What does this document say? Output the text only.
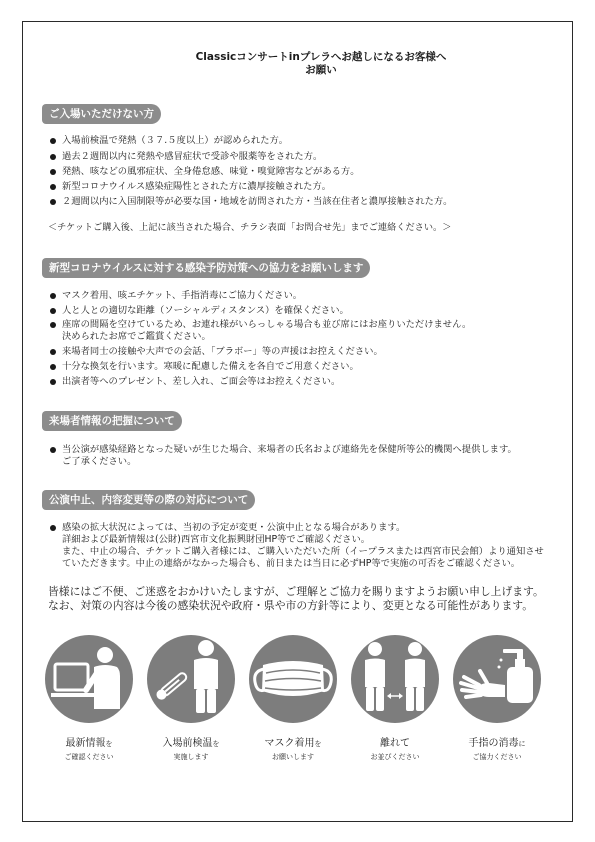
Classicコンサートinプレラへお越しになるお客様へ
お願い
ご入場いただけない方
入場前検温で発熱（３７.５度以上）が認められた方。
過去２週間以内に発熱や感冒症状で受診や服薬等をされた方。
発熱、咳などの風邪症状、全身倦怠感、味覚・嗅覚障害などがある方。
新型コロナウイルス感染症陽性とされた方に濃厚接触された方。
２週間以内に入国制限等が必要な国・地域を訪問された方・当該在住者と濃厚接触された方。
＜チケットご購入後、上記に該当された場合、チラシ表面「お問合せ先」までご連絡ください。＞
新型コロナウイルスに対する感染予防対策への協力をお願いします
マスク着用、咳エチケット、手指消毒にご協力ください。
人と人との適切な距離（ソーシャルディスタンス）を確保ください。
座席の間隔を空けているため、お連れ様がいらっしゃる場合も並び席にはお座りいただけません。
決められたお席でご鑑賞ください。
来場者同士の接触や大声での会話、「ブラボー」等の声援はお控えください。
十分な換気を行います。寒暖に配慮した備えを各自でご用意ください。
出演者等へのプレゼント、差し入れ、ご面会等はお控えください。
来場者情報の把握について
当公演が感染経路となった疑いが生じた場合、来場者の氏名および連絡先を保健所等公的機関へ提供します。
ご了承ください。
公演中止、内容変更等の際の対応について
感染の拡大状況によっては、当初の予定が変更・公演中止となる場合があります。
詳細および最新情報は(公財)西宮市文化振興財団HP等でご確認ください。
また、中止の場合、チケットご購入者様には、ご購入いただいた所（イープラスまたは西宮市民会館）より通知させ
ていただきます。中止の連絡がなかった場合も、前日または当日に必ずHP等で実施の可否をご確認ください。
皆様にはご不便、ご迷惑をおかけいたしますが、ご理解とご協力を賜りますようお願い申し上げます。
なお、対策の内容は今後の感染状況や政府・県や市の方針等により、変更となる可能性があります。
最新情報を
ご確認ください
入場前検温を
実施します
マスク着用を
お願いします
離れて
お並びください
手指の消毒に
ご協力ください
